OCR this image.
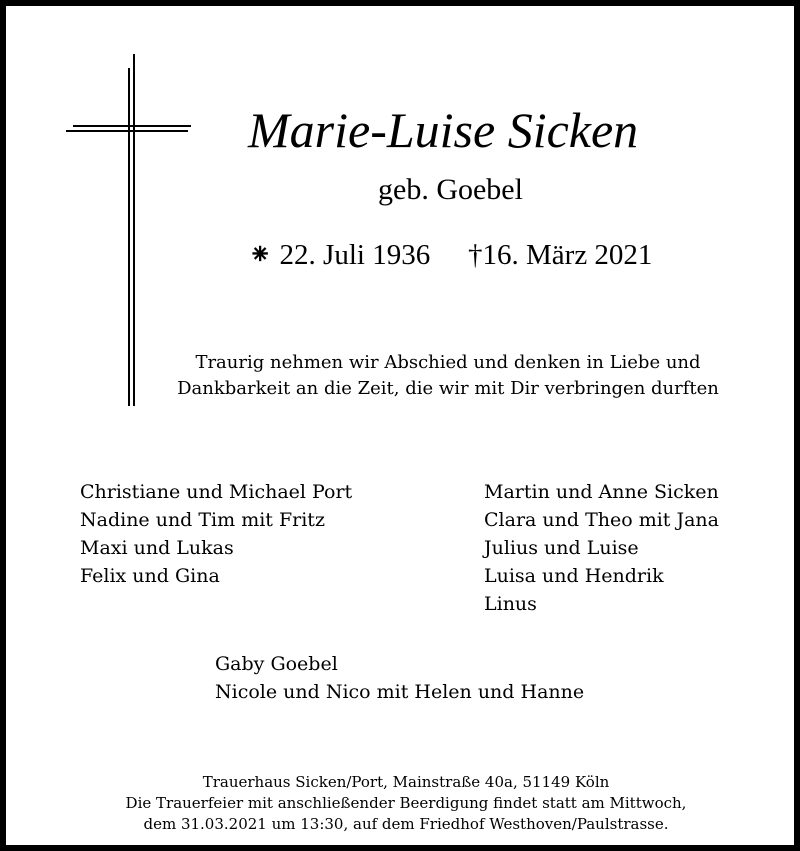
Marie-Luise Sicken
geb. Goebel
⁕ 22. Juli 1936 †16. März 2021
Traurig nehmen wir Abschied und denken in Liebe und
Dankbarkeit an die Zeit, die wir mit Dir verbringen durften
Christiane und Michael Port
Nadine und Tim mit Fritz
Maxi und Lukas
Felix und Gina
Martin und Anne Sicken
Clara und Theo mit Jana
Julius und Luise
Luisa und Hendrik
Linus
Gaby Goebel
Nicole und Nico mit Helen und Hanne
Trauerhaus Sicken/Port, Mainstraße 40a, 51149 Köln
Die Trauerfeier mit anschließender Beerdigung findet statt am Mittwoch,
dem 31.03.2021 um 13:30, auf dem Friedhof Westhoven/Paulstrasse.
